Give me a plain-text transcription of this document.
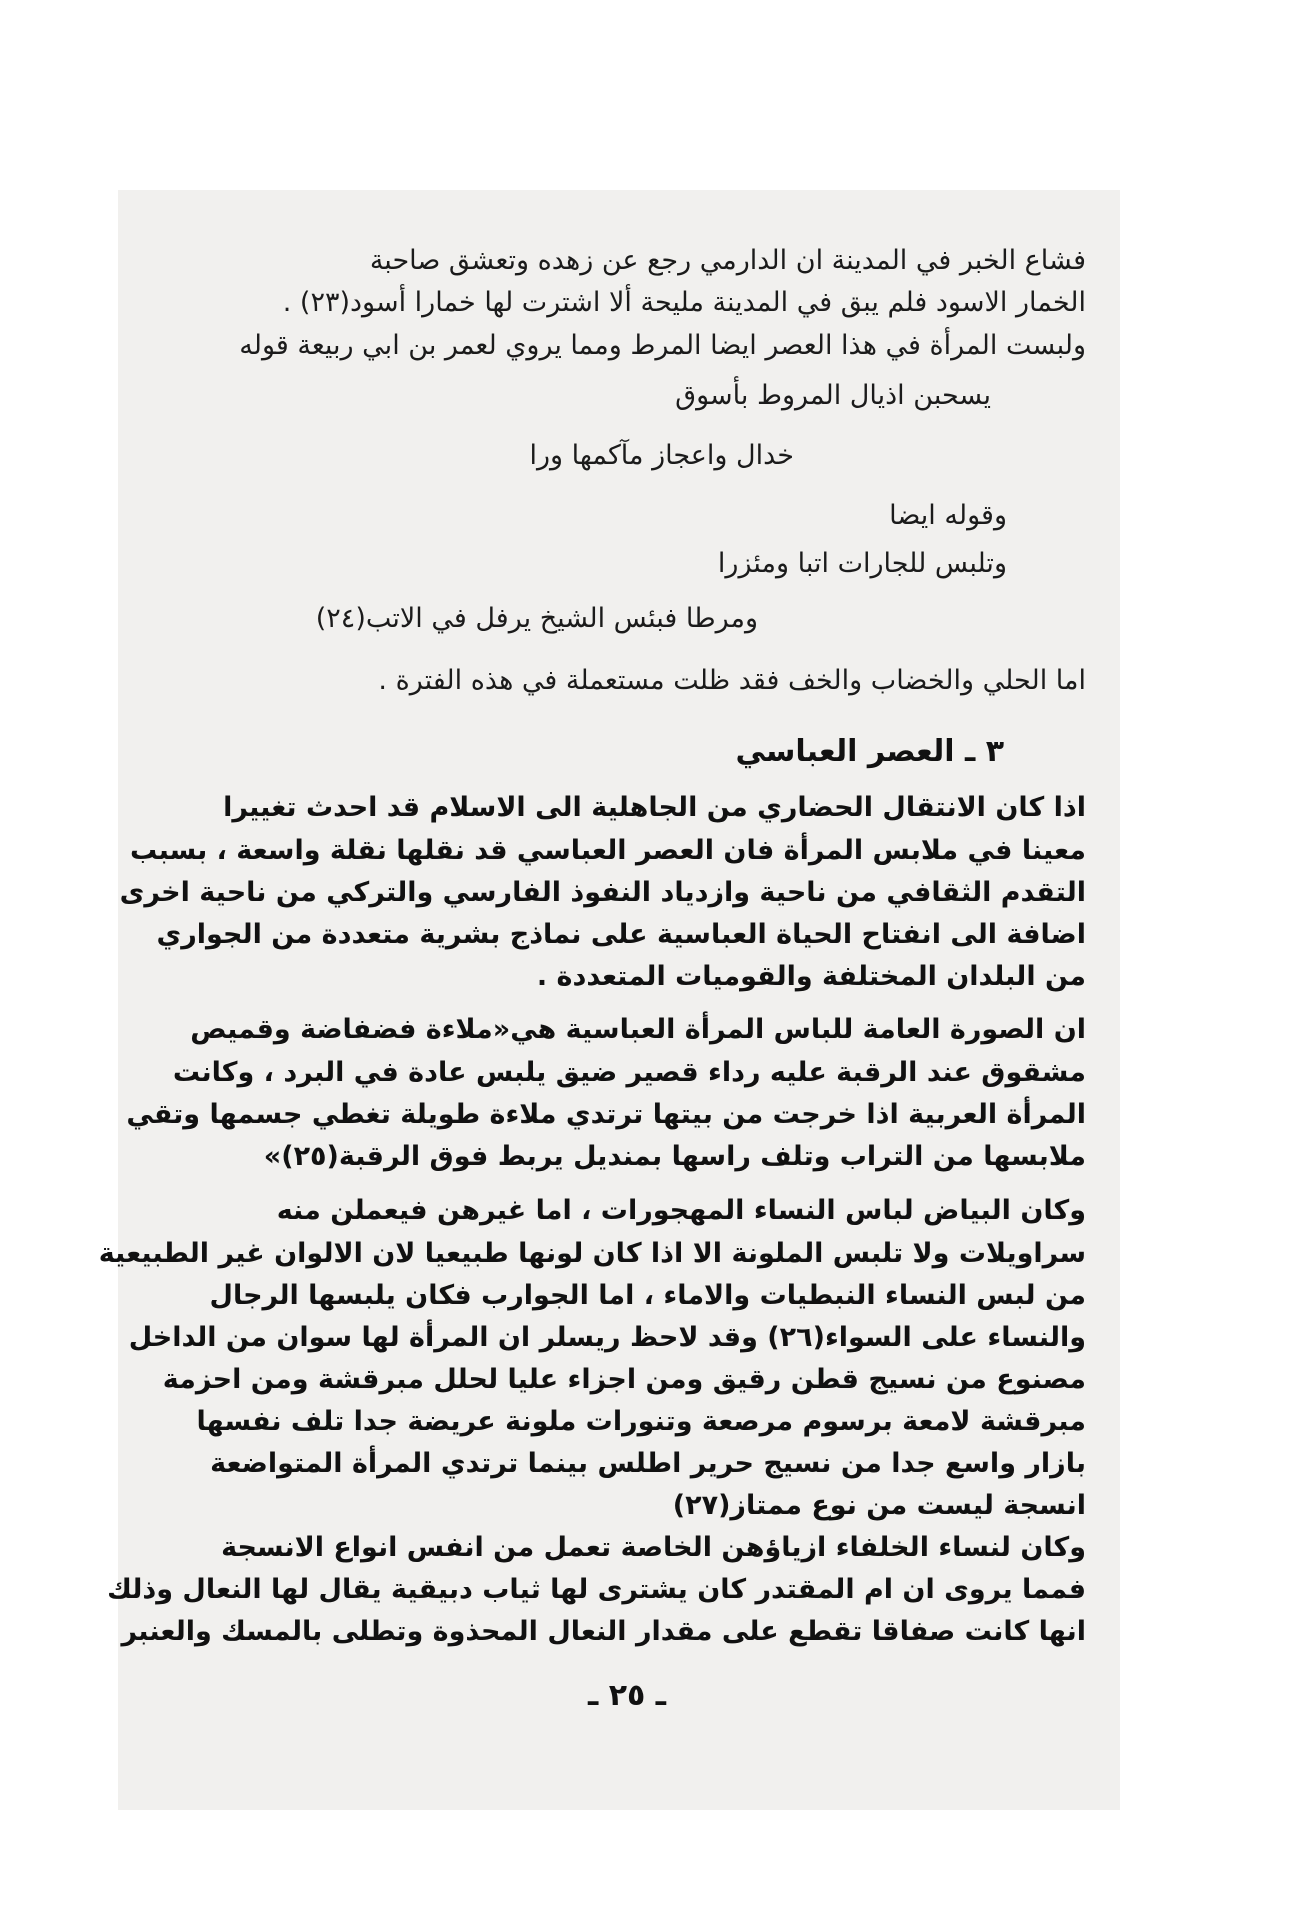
فشاع الخبر في المدينة ان الدارمي رجع عن زهده وتعشق صاحبة
الخمار الاسود فلم يبق في المدينة مليحة ألا اشترت لها خمارا أسود(٢٣) .
ولبست المرأة في هذا العصر ايضا المرط ومما يروي لعمر بن ابي ربيعة قوله
يسحبن اذيال المروط بأسوق
خدال واعجاز مآكمها ورا
وقوله ايضا
وتلبس للجارات اتبا ومئزرا
ومرطا فبئس الشيخ يرفل في الاتب(٢٤)
اما الحلي والخضاب والخف فقد ظلت مستعملة في هذه الفترة .
٣ ـ العصر العباسي
اذا كان الانتقال الحضاري من الجاهلية الى الاسلام قد احدث تغييرا
معينا في ملابس المرأة فان العصر العباسي قد نقلها نقلة واسعة ، بسبب
التقدم الثقافي من ناحية وازدياد النفوذ الفارسي والتركي من ناحية اخرى
اضافة الى انفتاح الحياة العباسية على نماذج بشرية متعددة من الجواري
من البلدان المختلفة والقوميات المتعددة .
ان الصورة العامة للباس المرأة العباسية هي«ملاءة فضفاضة وقميص
مشقوق عند الرقبة عليه رداء قصير ضيق يلبس عادة في البرد ، وكانت
المرأة العربية اذا خرجت من بيتها ترتدي ملاءة طويلة تغطي جسمها وتقي
ملابسها من التراب وتلف راسها بمنديل يربط فوق الرقبة(٢٥)»
وكان البياض لباس النساء المهجورات ، اما غيرهن فيعملن منه
سراويلات ولا تلبس الملونة الا اذا كان لونها طبيعيا لان الالوان غير الطبيعية
من لبس النساء النبطيات والاماء ، اما الجوارب فكان يلبسها الرجال
والنساء على السواء(٢٦) وقد لاحظ ريسلر ان المرأة لها سوان من الداخل
مصنوع من نسيج قطن رقيق ومن اجزاء عليا لحلل مبرقشة ومن احزمة
مبرقشة لامعة برسوم مرصعة وتنورات ملونة عريضة جدا تلف نفسها
بازار واسع جدا من نسيج حرير اطلس بينما ترتدي المرأة المتواضعة
انسجة ليست من نوع ممتاز(٢٧)
وكان لنساء الخلفاء ازياؤهن الخاصة تعمل من انفس انواع الانسجة
فمما يروى ان ام المقتدر كان يشترى لها ثياب دبيقية يقال لها النعال وذلك
انها كانت صفاقا تقطع على مقدار النعال المحذوة وتطلى بالمسك والعنبر
ـ ٢٥ ـ
